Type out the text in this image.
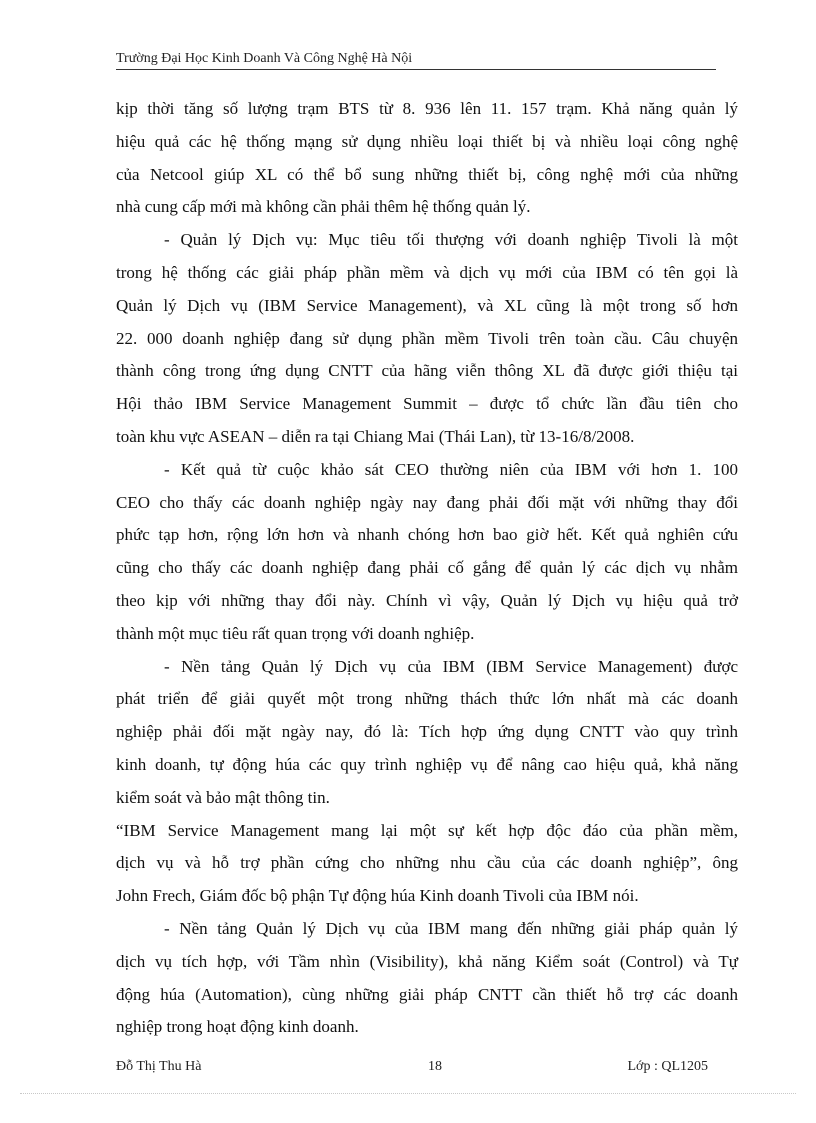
Trường Đại Học Kinh Doanh Và Công Nghệ Hà Nội
kịp thời tăng số lượng trạm BTS từ 8. 936 lên 11. 157 trạm. Khả năng quản lý
hiệu quả các hệ thống mạng sử dụng nhiều loại thiết bị và nhiều loại công nghệ
của Netcool giúp XL có thể bổ sung những thiết bị, công nghệ mới của những
nhà cung cấp mới mà không cần phải thêm hệ thống quản lý.
- Quản lý Dịch vụ: Mục tiêu tối thượng với doanh nghiệp Tivoli là một
trong hệ thống các giải pháp phần mềm và dịch vụ mới của IBM có tên gọi là
Quản lý Dịch vụ (IBM Service Management), và XL cũng là một trong số hơn
22. 000 doanh nghiệp đang sử dụng phần mềm Tivoli trên toàn cầu. Câu chuyện
thành công trong ứng dụng CNTT của hãng viễn thông XL đã được giới thiệu tại
Hội thảo IBM Service Management Summit – được tổ chức lần đầu tiên cho
toàn khu vực ASEAN – diễn ra tại Chiang Mai (Thái Lan), từ 13-16/8/2008.
- Kết quả từ cuộc khảo sát CEO thường niên của IBM với hơn 1. 100
CEO cho thấy các doanh nghiệp ngày nay đang phải đối mặt với những thay đổi
phức tạp hơn, rộng lớn hơn và nhanh chóng hơn bao giờ hết. Kết quả nghiên cứu
cũng cho thấy các doanh nghiệp đang phải cố gắng để quản lý các dịch vụ nhằm
theo kịp với những thay đổi này. Chính vì vậy, Quản lý Dịch vụ hiệu quả trở
thành một mục tiêu rất quan trọng với doanh nghiệp.
- Nền tảng Quản lý Dịch vụ của IBM (IBM Service Management) được
phát triển để giải quyết một trong những thách thức lớn nhất mà các doanh
nghiệp phải đối mặt ngày nay, đó là: Tích hợp ứng dụng CNTT vào quy trình
kinh doanh, tự động húa các quy trình nghiệp vụ để nâng cao hiệu quả, khả năng
kiểm soát và bảo mật thông tin.
“IBM Service Management mang lại một sự kết hợp độc đáo của phần mềm,
dịch vụ và hỗ trợ phần cứng cho những nhu cầu của các doanh nghiệp”, ông
John Frech, Giám đốc bộ phận Tự động húa Kinh doanh Tivoli của IBM nói.
- Nền tảng Quản lý Dịch vụ của IBM mang đến những giải pháp quản lý
dịch vụ tích hợp, với Tầm nhìn (Visibility), khả năng Kiểm soát (Control) và Tự
động húa (Automation), cùng những giải pháp CNTT cần thiết hỗ trợ các doanh
nghiệp trong hoạt động kinh doanh.
Đỗ Thị Thu Hà	18	Lớp : QL1205
